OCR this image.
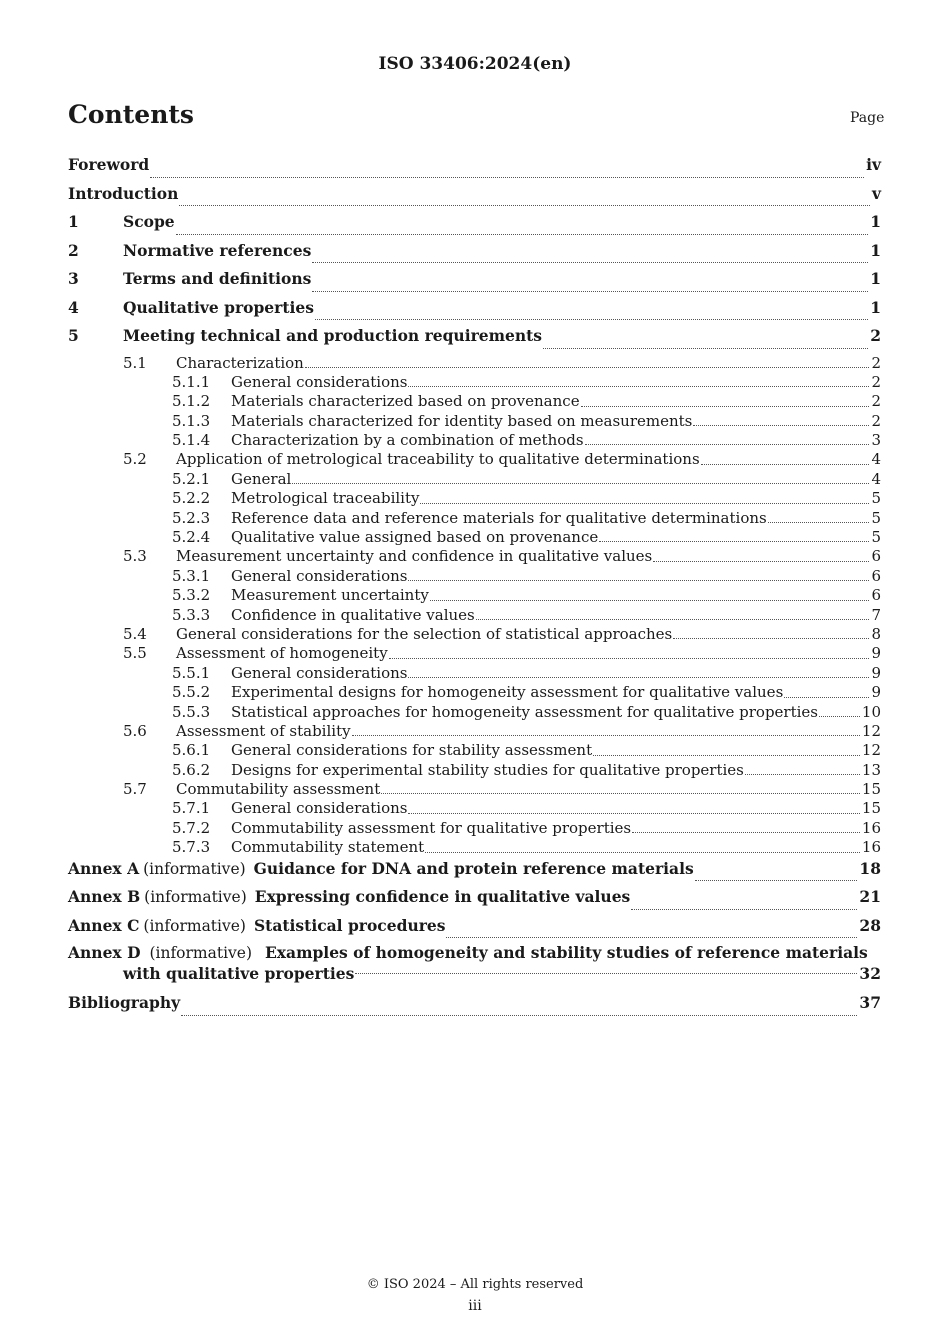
ISO 33406:2024(en)
Contents	Page
Foreword	iv
Introduction	v
1	Scope	1
2	Normative references	1
3	Terms and definitions	1
4	Qualitative properties	1
5	Meeting technical and production requirements	2
5.1	Characterization	2
5.1.1	General considerations	2
5.1.2	Materials characterized based on provenance	2
5.1.3	Materials characterized for identity based on measurements	2
5.1.4	Characterization by a combination of methods	3
5.2	Application of metrological traceability to qualitative determinations	4
5.2.1	General	4
5.2.2	Metrological traceability	5
5.2.3	Reference data and reference materials for qualitative determinations	5
5.2.4	Qualitative value assigned based on provenance	5
5.3	Measurement uncertainty and confidence in qualitative values	6
5.3.1	General considerations	6
5.3.2	Measurement uncertainty	6
5.3.3	Confidence in qualitative values	7
5.4	General considerations for the selection of statistical approaches	8
5.5	Assessment of homogeneity	9
5.5.1	General considerations	9
5.5.2	Experimental designs for homogeneity assessment for qualitative values	9
5.5.3	Statistical approaches for homogeneity assessment for qualitative properties	10
5.6	Assessment of stability	12
5.6.1	General considerations for stability assessment	12
5.6.2	Designs for experimental stability studies for qualitative properties	13
5.7	Commutability assessment	15
5.7.1	General considerations	15
5.7.2	Commutability assessment for qualitative properties	16
5.7.3	Commutability statement	16
Annex A (informative) Guidance for DNA and protein reference materials	18
Annex B (informative) Expressing confidence in qualitative values	21
Annex C (informative) Statistical procedures	28
Annex D (informative) Examples of homogeneity and stability studies of reference materials
with qualitative properties	32
Bibliography	37
© ISO 2024 – All rights reserved
iii
